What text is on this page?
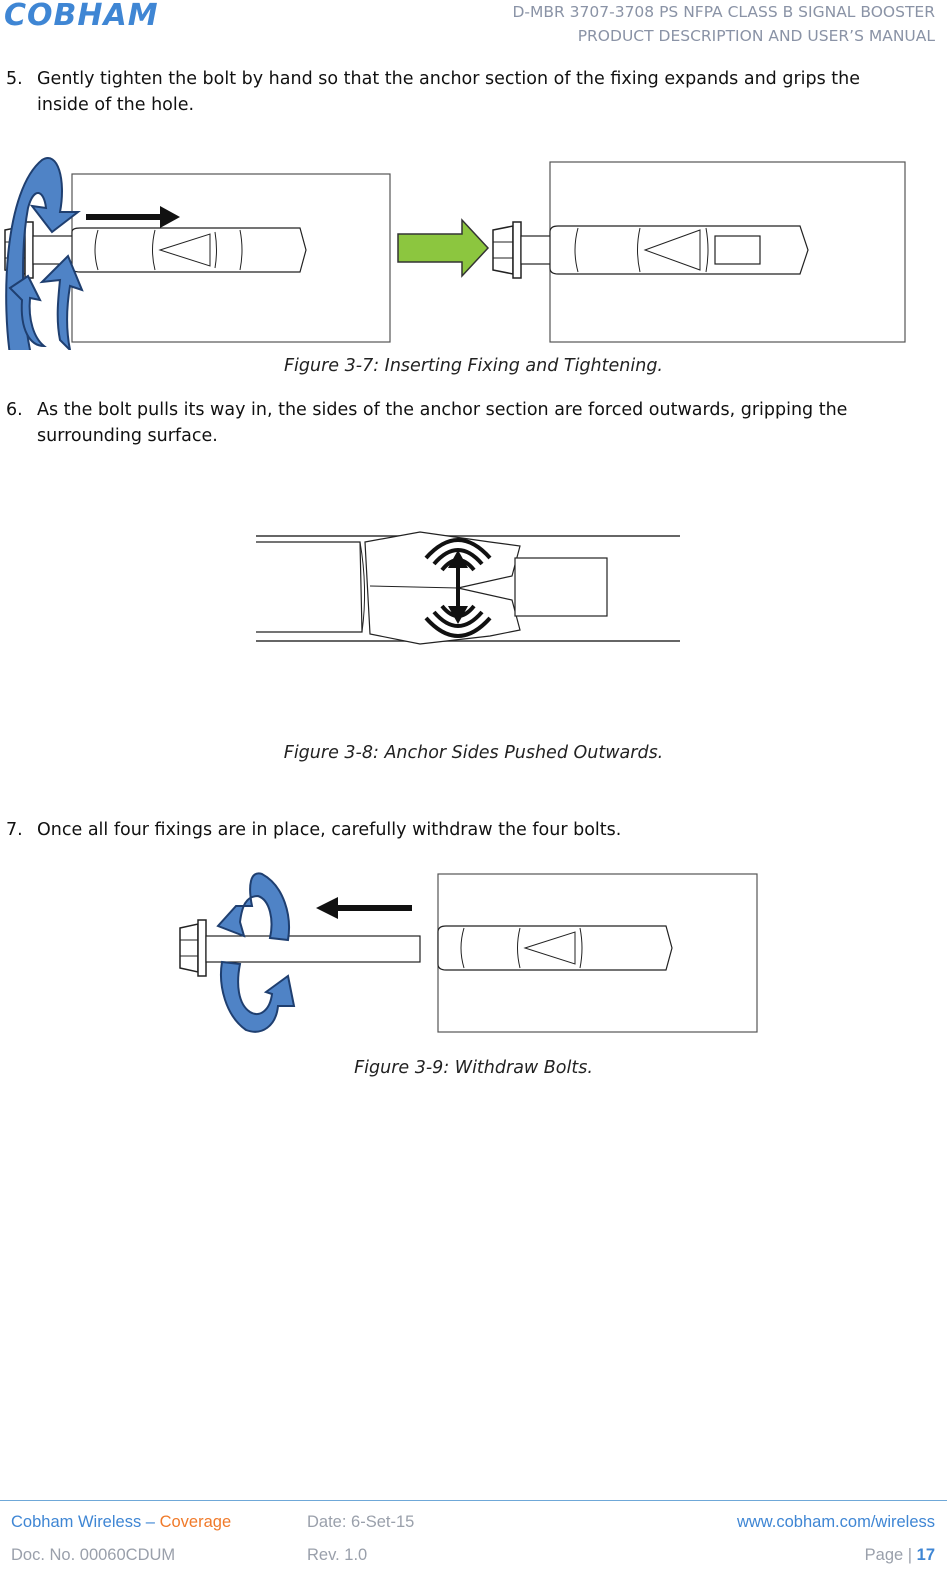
COBHAM	D-MBR 3707-3708 PS NFPA CLASS B SIGNAL BOOSTER
PRODUCT DESCRIPTION AND USER’S MANUAL
5. Gently tighten the bolt by hand so that the anchor section of the fixing expands and grips the inside of the hole.
Figure 3-7: Inserting Fixing and Tightening.
6. As the bolt pulls its way in, the sides of the anchor section are forced outwards, gripping the surrounding surface.
Figure 3-8: Anchor Sides Pushed Outwards.
7. Once all four fixings are in place, carefully withdraw the four bolts.
Figure 3-9: Withdraw Bolts.
Cobham Wireless – Coverage	Date: 6-Set-15	www.cobham.com/wireless
Doc. No. 00060CDUM	Rev. 1.0	Page | 17
